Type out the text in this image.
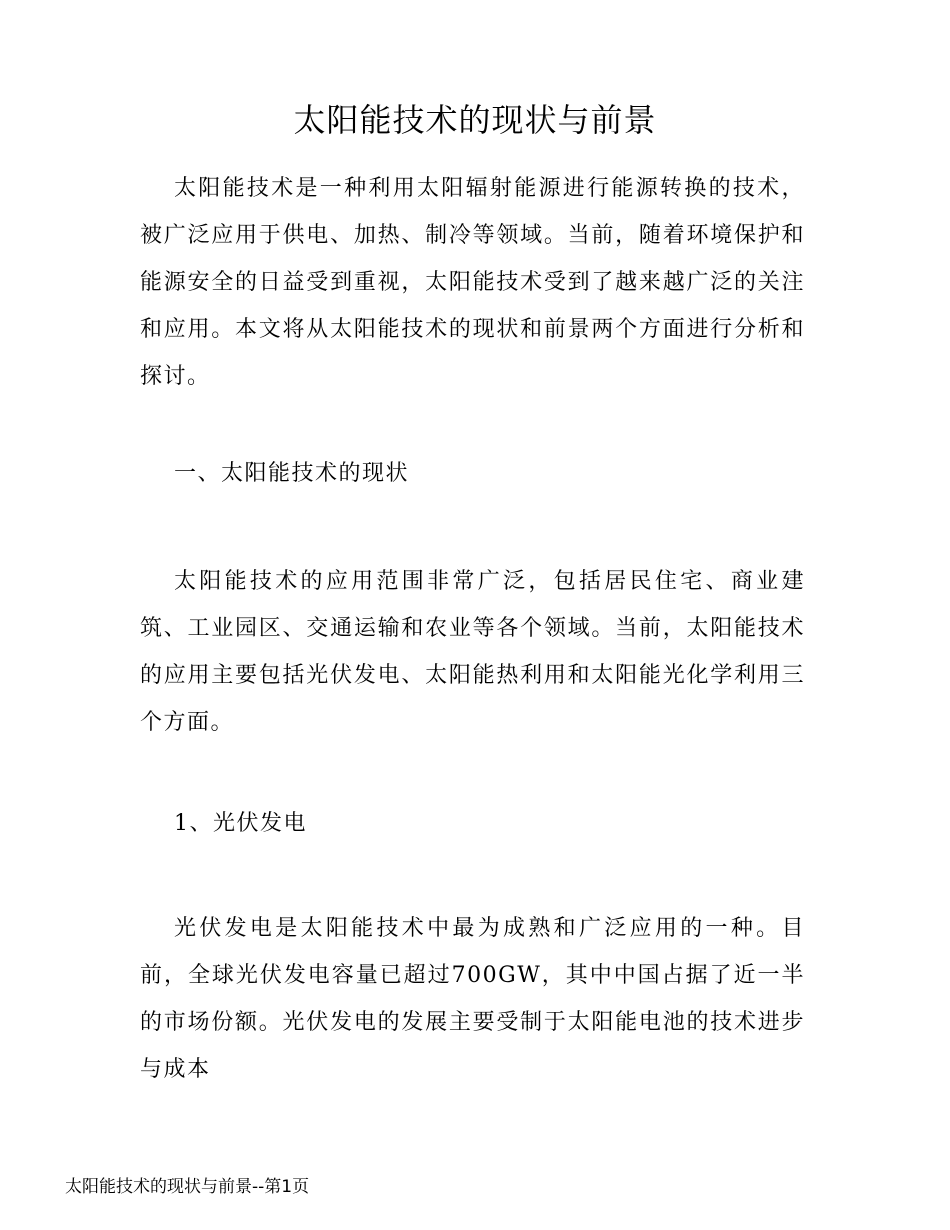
太阳能技术的现状与前景

太阳能技术是一种利用太阳辐射能源进行能源转换的技术，被广泛应用于供电、加热、制冷等领域。当前，随着环境保护和能源安全的日益受到重视，太阳能技术受到了越来越广泛的关注和应用。本文将从太阳能技术的现状和前景两个方面进行分析和探讨。

一、太阳能技术的现状

太阳能技术的应用范围非常广泛，包括居民住宅、商业建筑、工业园区、交通运输和农业等各个领域。当前，太阳能技术的应用主要包括光伏发电、太阳能热利用和太阳能光化学利用三个方面。

1、光伏发电

光伏发电是太阳能技术中最为成熟和广泛应用的一种。目前，全球光伏发电容量已超过700GW，其中中国占据了近一半的市场份额。光伏发电的发展主要受制于太阳能电池的技术进步与成本

太阳能技术的现状与前景--第1页
